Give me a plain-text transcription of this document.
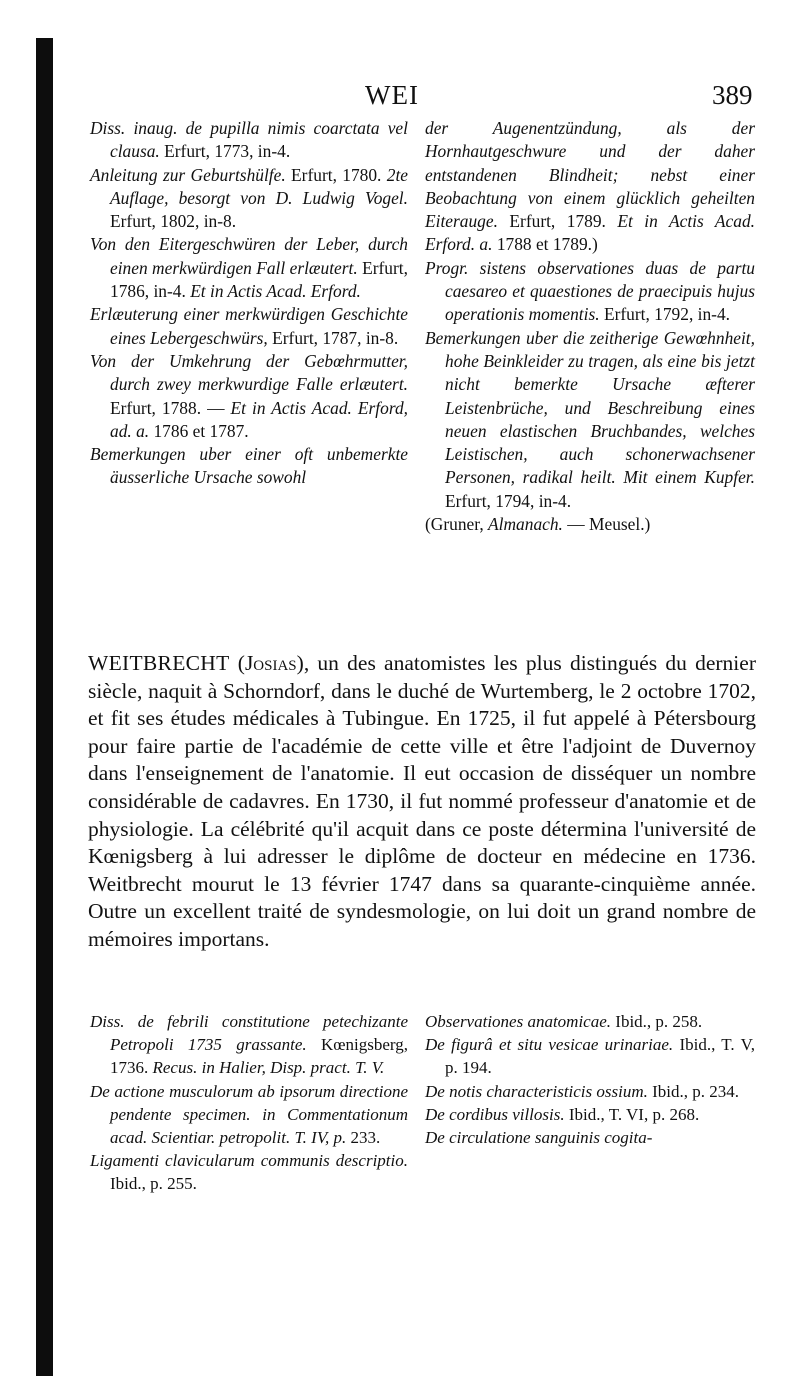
WEI	389

Diss. inaug. de pupilla nimis coarctata vel clausa. Erfurt, 1773, in-4.

Anleitung zur Geburtshülfe. Erfurt, 1780. 2te Auflage, besorgt von D. Ludwig Vogel. Erfurt, 1802, in-8.

Von den Eitergeschwüren der Leber, durch einen merkwürdigen Fall erlæutert. Erfurt, 1786, in-4. Et in Actis Acad. Erford.

Erlæuterung einer merkwürdigen Geschichte eines Lebergeschwürs, Erfurt, 1787, in-8.

Von der Umkehrung der Gebœhrmutter, durch zwey merkwurdige Falle erlæutert. Erfurt, 1788. — Et in Actis Acad. Erford, ad. a. 1786 et 1787.

Bemerkungen uber einer oft unbemerkte äusserliche Ursache sowohl

der Augenentzündung, als der Hornhautgeschwure und der daher entstandenen Blindheit; nebst einer Beobachtung von einem glücklich geheilten Eiterauge. Erfurt, 1789. Et in Actis Acad. Erford. a. 1788 et 1789.)

Progr. sistens observationes duas de partu caesareo et quaestiones de praecipuis hujus operationis momentis. Erfurt, 1792, in-4.

Bemerkungen uber die zeitherige Gewœhnheit, hohe Beinkleider zu tragen, als eine bis jetzt nicht bemerkte Ursache æfterer Leistenbrüche, und Beschreibung eines neuen elastischen Bruchbandes, welches Leistischen, auch schonerwachsener Personen, radikal heilt. Mit einem Kupfer. Erfurt, 1794, in-4.

(Gruner, Almanach. — Meusel.)

WEITBRECHT (Josias), un des anatomistes les plus distingués du dernier siècle, naquit à Schorndorf, dans le duché de Wurtemberg, le 2 octobre 1702, et fit ses études médicales à Tubingue. En 1725, il fut appelé à Pétersbourg pour faire partie de l'académie de cette ville et être l'adjoint de Duvernoy dans l'enseignement de l'anatomie. Il eut occasion de disséquer un nombre considérable de cadavres. En 1730, il fut nommé professeur d'anatomie et de physiologie. La célébrité qu'il acquit dans ce poste détermina l'université de Kœnigsberg à lui adresser le diplôme de docteur en médecine en 1736. Weitbrecht mourut le 13 février 1747 dans sa quarante-cinquième année. Outre un excellent traité de syndesmologie, on lui doit un grand nombre de mémoires importans.

Diss. de febrili constitutione petechizante Petropoli 1735 grassante. Kœnigsberg, 1736. Recus. in Halier, Disp. pract. T. V.

De actione musculorum ab ipsorum directione pendente specimen. in Commentationum acad. Scientiar. petropolit. T. IV, p. 233.

Ligamenti clavicularum communis descriptio. Ibid., p. 255.

Observationes anatomicae. Ibid., p. 258.

De figurâ et situ vesicae urinariae. Ibid., T. V, p. 194.

De notis characteristicis ossium. Ibid., p. 234.

De cordibus villosis. Ibid., T. VI, p. 268.

De circulatione sanguinis cogita-
